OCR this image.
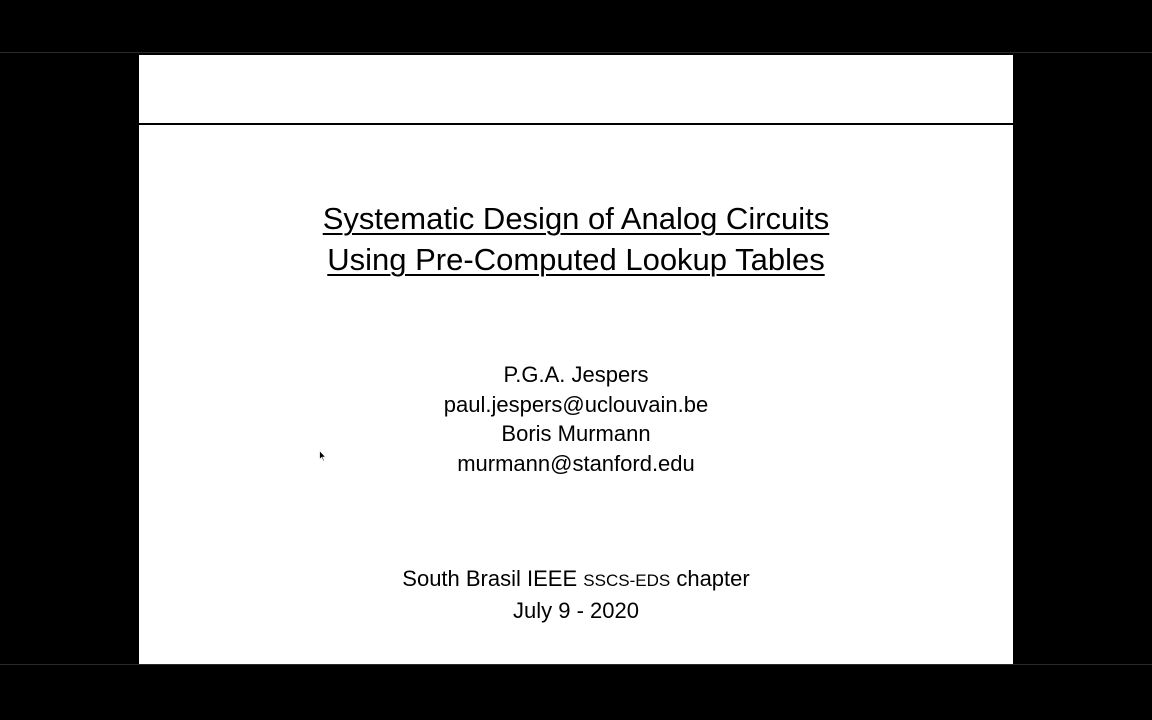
Systematic Design of Analog Circuits
Using Pre-Computed Lookup Tables
P.G.A. Jespers
paul.jespers@uclouvain.be
Boris Murmann
murmann@stanford.edu
South Brasil IEEE SSCS-EDS chapter
July 9 - 2020
